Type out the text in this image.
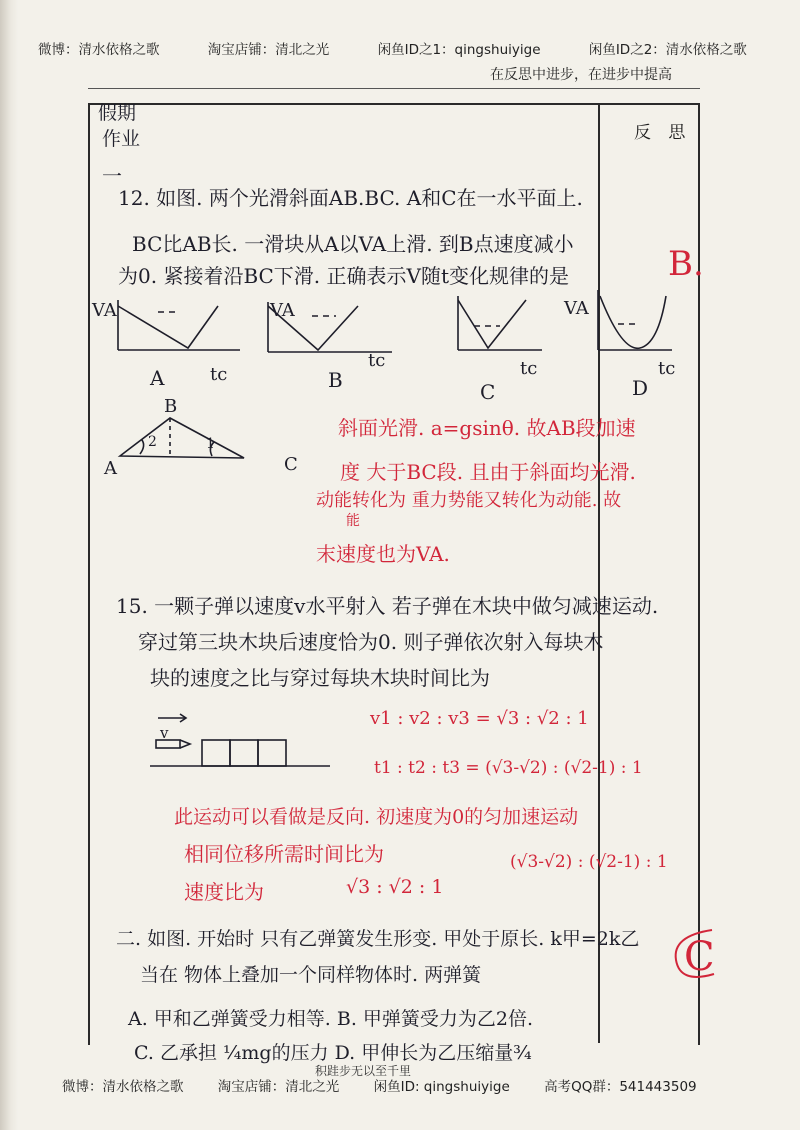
微博：清水依格之歌	淘宝店铺：清北之光	闲鱼ID之1：qingshuiyige	闲鱼ID之2：清水依格之歌
在反思中进步，在进步中提高
反 思
假期
作业
一
12. 如图. 两个光滑斜面AB.BC. A和C在一水平面上.
BC比AB长. 一滑块从A以VA上滑. 到B点速度减小
为0. 紧接着沿BC下滑. 正确表示V随t变化规律的是	B.
VA	VA	VA
tc
tc	tc	tc
A	B	C	D
B
A	C
2	1
斜面光滑. a=gsinθ. 故AB段加速
度 大于BC段. 且由于斜面均光滑.
动能转化为 重力势能又转化为动能. 故
能
末速度也为VA.
15. 一颗子弹以速度v水平射入 若子弹在木块中做匀减速运动.
穿过第三块木块后速度恰为0. 则子弹依次射入每块木
块的速度之比与穿过每块木块时间比为
v
v1 : v2 : v3 = √3 : √2 : 1
t1 : t2 : t3 = (√3-√2) : (√2-1) : 1
此运动可以看做是反向. 初速度为0的匀加速运动
相同位移所需时间比为	(√3-√2) : (√2-1) : 1
速度比为	√3 : √2 : 1
二. 如图. 开始时 只有乙弹簧发生形变. 甲处于原长. k甲=2k乙
当在 物体上叠加一个同样物体时. 两弹簧
A. 甲和乙弹簧受力相等. B. 甲弹簧受力为乙2倍.
C. 乙承担 ¼mg的压力 D. 甲伸长为乙压缩量¾
C
积跬步无以至千里
微博：清水依格之歌	淘宝店铺：清北之光	闲鱼ID: qingshuiyige	高考QQ群：541443509
